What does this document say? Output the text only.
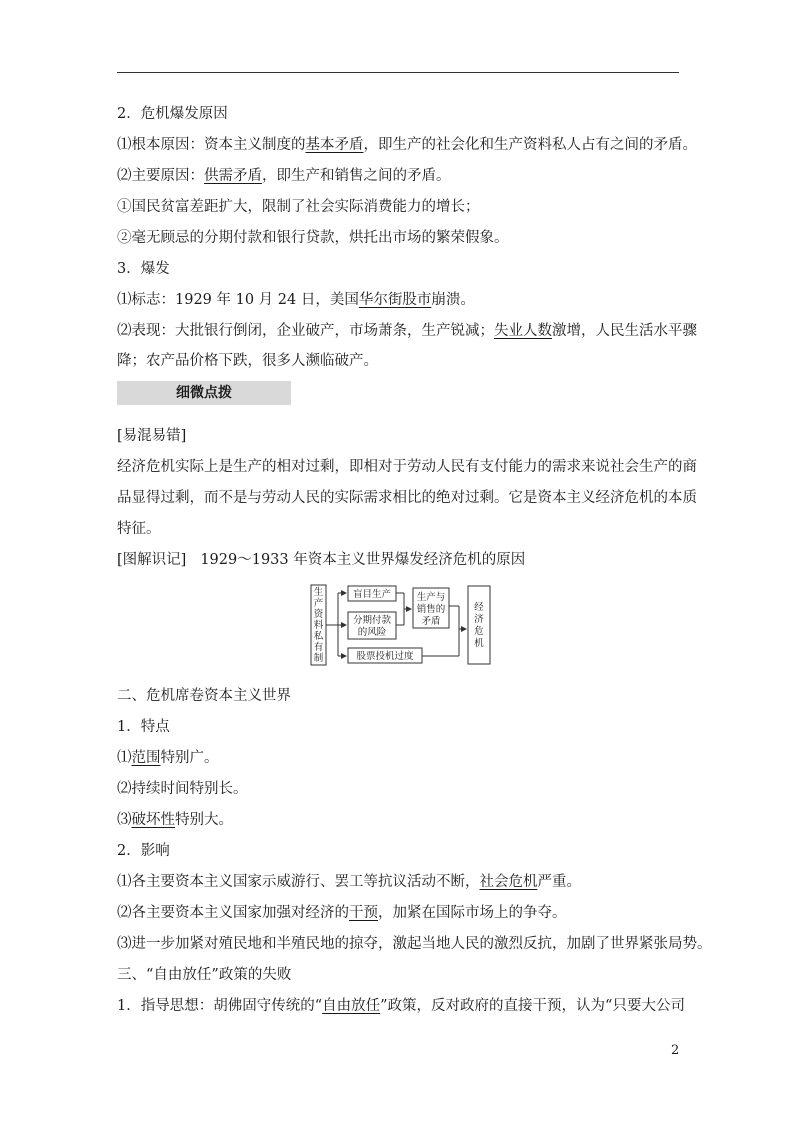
2．危机爆发原因
⑴根本原因：资本主义制度的基本矛盾，即生产的社会化和生产资料私人占有之间的矛盾。
⑵主要原因：供需矛盾，即生产和销售之间的矛盾。
①国民贫富差距扩大，限制了社会实际消费能力的增长；
②毫无顾忌的分期付款和银行贷款，烘托出市场的繁荣假象。
3．爆发
⑴标志：1929 年 10 月 24 日，美国华尔街股市崩溃。
⑵表现：大批银行倒闭，企业破产，市场萧条，生产锐减；失业人数激增，人民生活水平骤
降；农产品价格下跌，很多人濒临破产。
细微点拨
[易混易错]
经济危机实际上是生产的相对过剩，即相对于劳动人民有支付能力的需求来说社会生产的商
品显得过剩，而不是与劳动人民的实际需求相比的绝对过剩。它是资本主义经济危机的本质
特征。
[图解识记] 1929～1933 年资本主义世界爆发经济危机的原因
生
产
资
料
私
有
制
盲目生产
分期付款
的风险
股票投机过度
生产与
销售的
矛盾
经
济
危
机
二、危机席卷资本主义世界
1．特点
⑴范围特别广。
⑵持续时间特别长。
⑶破坏性特别大。
2．影响
⑴各主要资本主义国家示威游行、罢工等抗议活动不断，社会危机严重。
⑵各主要资本主义国家加强对经济的干预，加紧在国际市场上的争夺。
⑶进一步加紧对殖民地和半殖民地的掠夺，激起当地人民的激烈反抗，加剧了世界紧张局势。
三、“自由放任”政策的失败
1．指导思想：胡佛固守传统的“自由放任”政策，反对政府的直接干预，认为“只要大公司
2
